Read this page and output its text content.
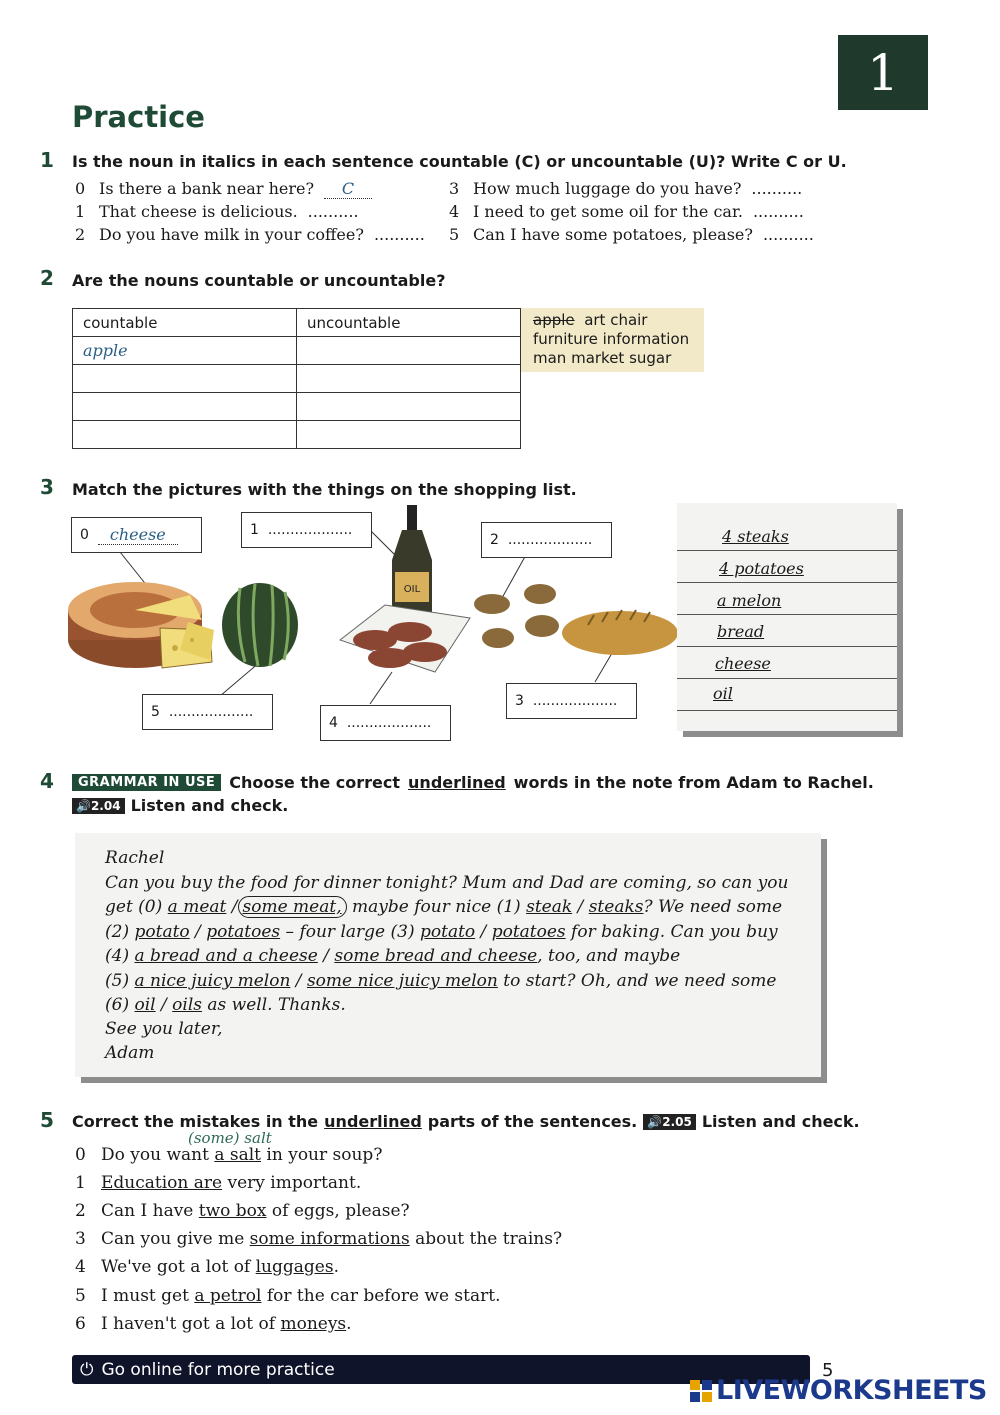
1
Practice
1 Is the noun in italics in each sentence countable (C) or uncountable (U)? Write C or U.
0 Is there a bank near here?	C
1 That cheese is delicious. ..........
2 Do you have milk in your coffee? ..........
3 How much luggage do you have? ..........
4 I need to get some oil for the car. ..........
5 Can I have some potatoes, please? ..........
2 Are the nouns countable or uncountable?
countable	uncountable
apple	

apple art chair
furniture information
man market sugar
3 Match the pictures with the things on the shopping list.
OIL
0
	cheese	1
...................
2
...................
3
...................
4
...................
5
...................
4 steaks
4 potatoes
a melon
bread
cheese
oil
4	GRAMMAR IN USE Choose the correct underlined words in the note from Adam to Rachel.
🔊2.04 Listen and check.
Rachel
Can you buy the food for dinner tonight? Mum and Dad are coming, so can you
get (0) a meat / some meat, maybe four nice (1) steak / steaks? We need some
(2) potato / potatoes – four large (3) potato / potatoes for baking. Can you buy
(4) a bread and a cheese / some bread and cheese, too, and maybe
(5) a nice juicy melon / some nice juicy melon to start? Oh, and we need some
(6) oil / oils as well. Thanks.
See you later,
Adam
5 Correct the mistakes in the underlined parts of the sentences. 🔊2.05 Listen and check.
(some) salt
0 Do you want a salt in your soup?
1 Education are very important.
2 Can I have two box of eggs, please?
3 Can you give me some informations about the trains?
4 We've got a lot of luggages.
5 I must get a petrol for the car before we start.
6 I haven't got a lot of moneys.
⏻ Go online for more practice	5
LIVEWORKSHEETS
